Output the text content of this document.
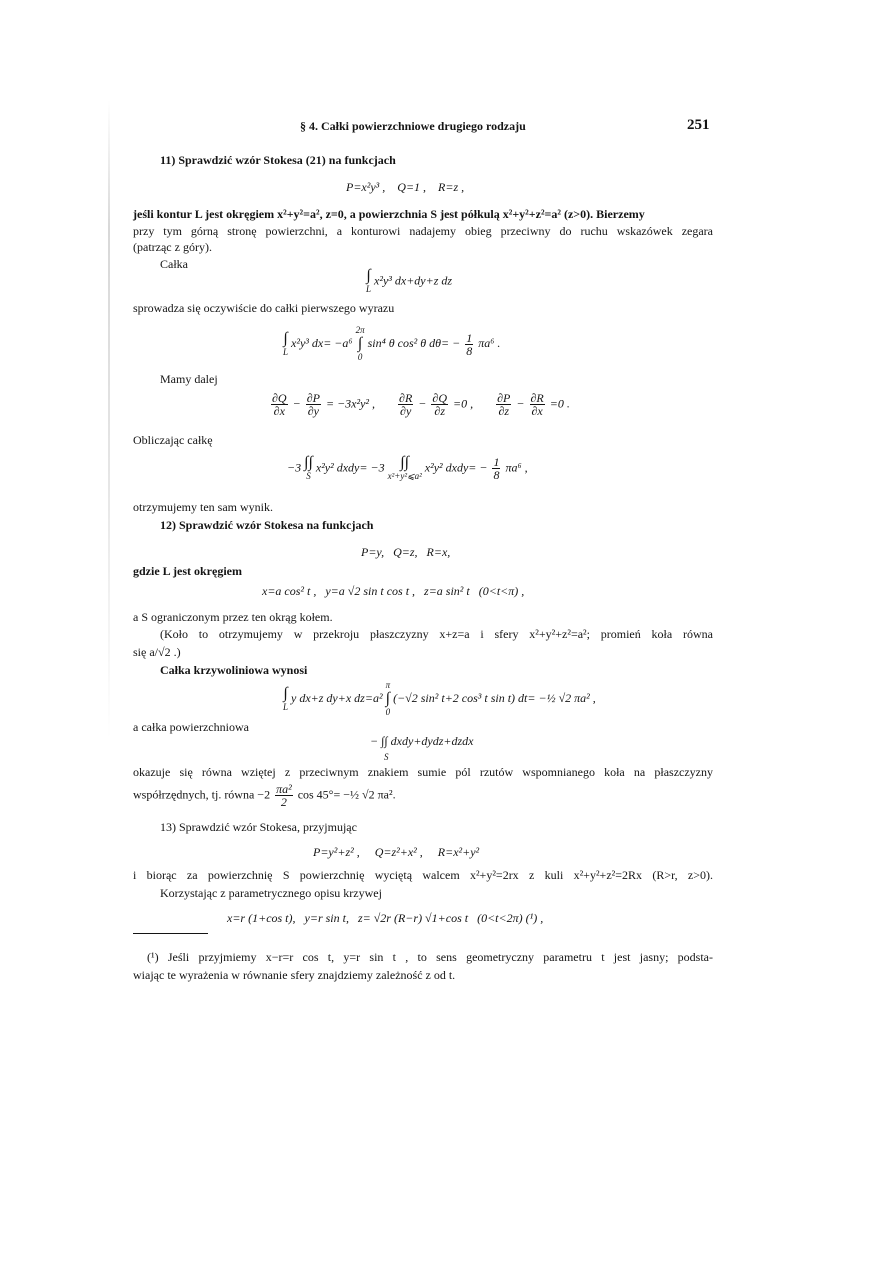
§ 4. Całki powierzchniowe drugiego rodzaju	251
11) Sprawdzić wzór Stokesa (21) na funkcjach
P=x²y³ ,    Q=1 ,    R=z ,
jeśli kontur L jest okręgiem x²+y²=a², z=0, a powierzchnia S jest półkulą x²+y²+z²=a² (z>0). Bierzemy
przy tym górną stronę powierzchni, a konturowi nadajemy obieg przeciwny do ruchu wskazówek zegara
(patrząc z góry).
Całka
∫
L x²y³ dx+dy+z dz
sprowadza się oczywiście do całki pierwszego wyrazu
∫
L x²y³ dx= −a⁶ 2π
∫
0 sin⁴ θ cos² θ $d\theta= - \frac{1}{8} \pi a^6$ .
Mamy dalej
$\frac{\partial Q}{\partial x} - \frac{\partial P}{\partial y} = -3x^2y^2$ , $\frac{\partial R}{\partial y} - \frac{\partial Q}{\partial z} =0$ , $\frac{\partial P}{\partial z} - \frac{\partial R}{\partial x} =0$ .
Obliczając całkę
−3 ∫∫
S x²y² dxdy= −3 ∫∫
x²+y²⩽a² x²y² dxdy= − $\frac{1}{8} \pi a^6$ ,
otrzymujemy ten sam wynik.
12) Sprawdzić wzór Stokesa na funkcjach
P=y,   Q=z,   R=x,
gdzie L jest okręgiem
x=a cos² t ,   y=a √2 sin t cos t ,   z=a sin² t   (0<t<π) ,
a S ograniczonym przez ten okrąg kołem.
(Koło to otrzymujemy w przekroju płaszczyzny x+z=a i sfery x²+y²+z²=a²; promień koła równa
się a/√2 .)
Całka krzywoliniowa wynosi
∫
L y dx+z dy+x dz=a² π
∫
0 (−√2 sin² t+2 cos³ t sin t) dt= −½ √2 πa² ,
a całka powierzchniowa
− ∫∫ dxdy+dydz+dzdx
S
okazuje się równa wziętej z przeciwnym znakiem sumie pól rzutów wspomnianego koła na płaszczyzny
współrzędnych, tj. równa $-2 \frac{\text{πa²}}{2}$ cos 45°= −½ √2 πa².
13) Sprawdzić wzór Stokesa, przyjmując
P=y²+z² ,     Q=z²+x² ,     R=x²+y²
i biorąc za powierzchnię S powierzchnię wyciętą walcem x²+y²=2rx z kuli x²+y²+z²=2Rx (R>r, z>0).
Korzystając z parametrycznego opisu krzywej
x=r (1+cos t),   y=r sin t,   z= √2r (R−r) √1+cos t   (0<t<2π) (¹) ,
(¹) Jeśli przyjmiemy x−r=r cos t, y=r sin t , to sens geometryczny parametru t jest jasny; podsta-
wiając te wyrażenia w równanie sfery znajdziemy zależność z od t.
